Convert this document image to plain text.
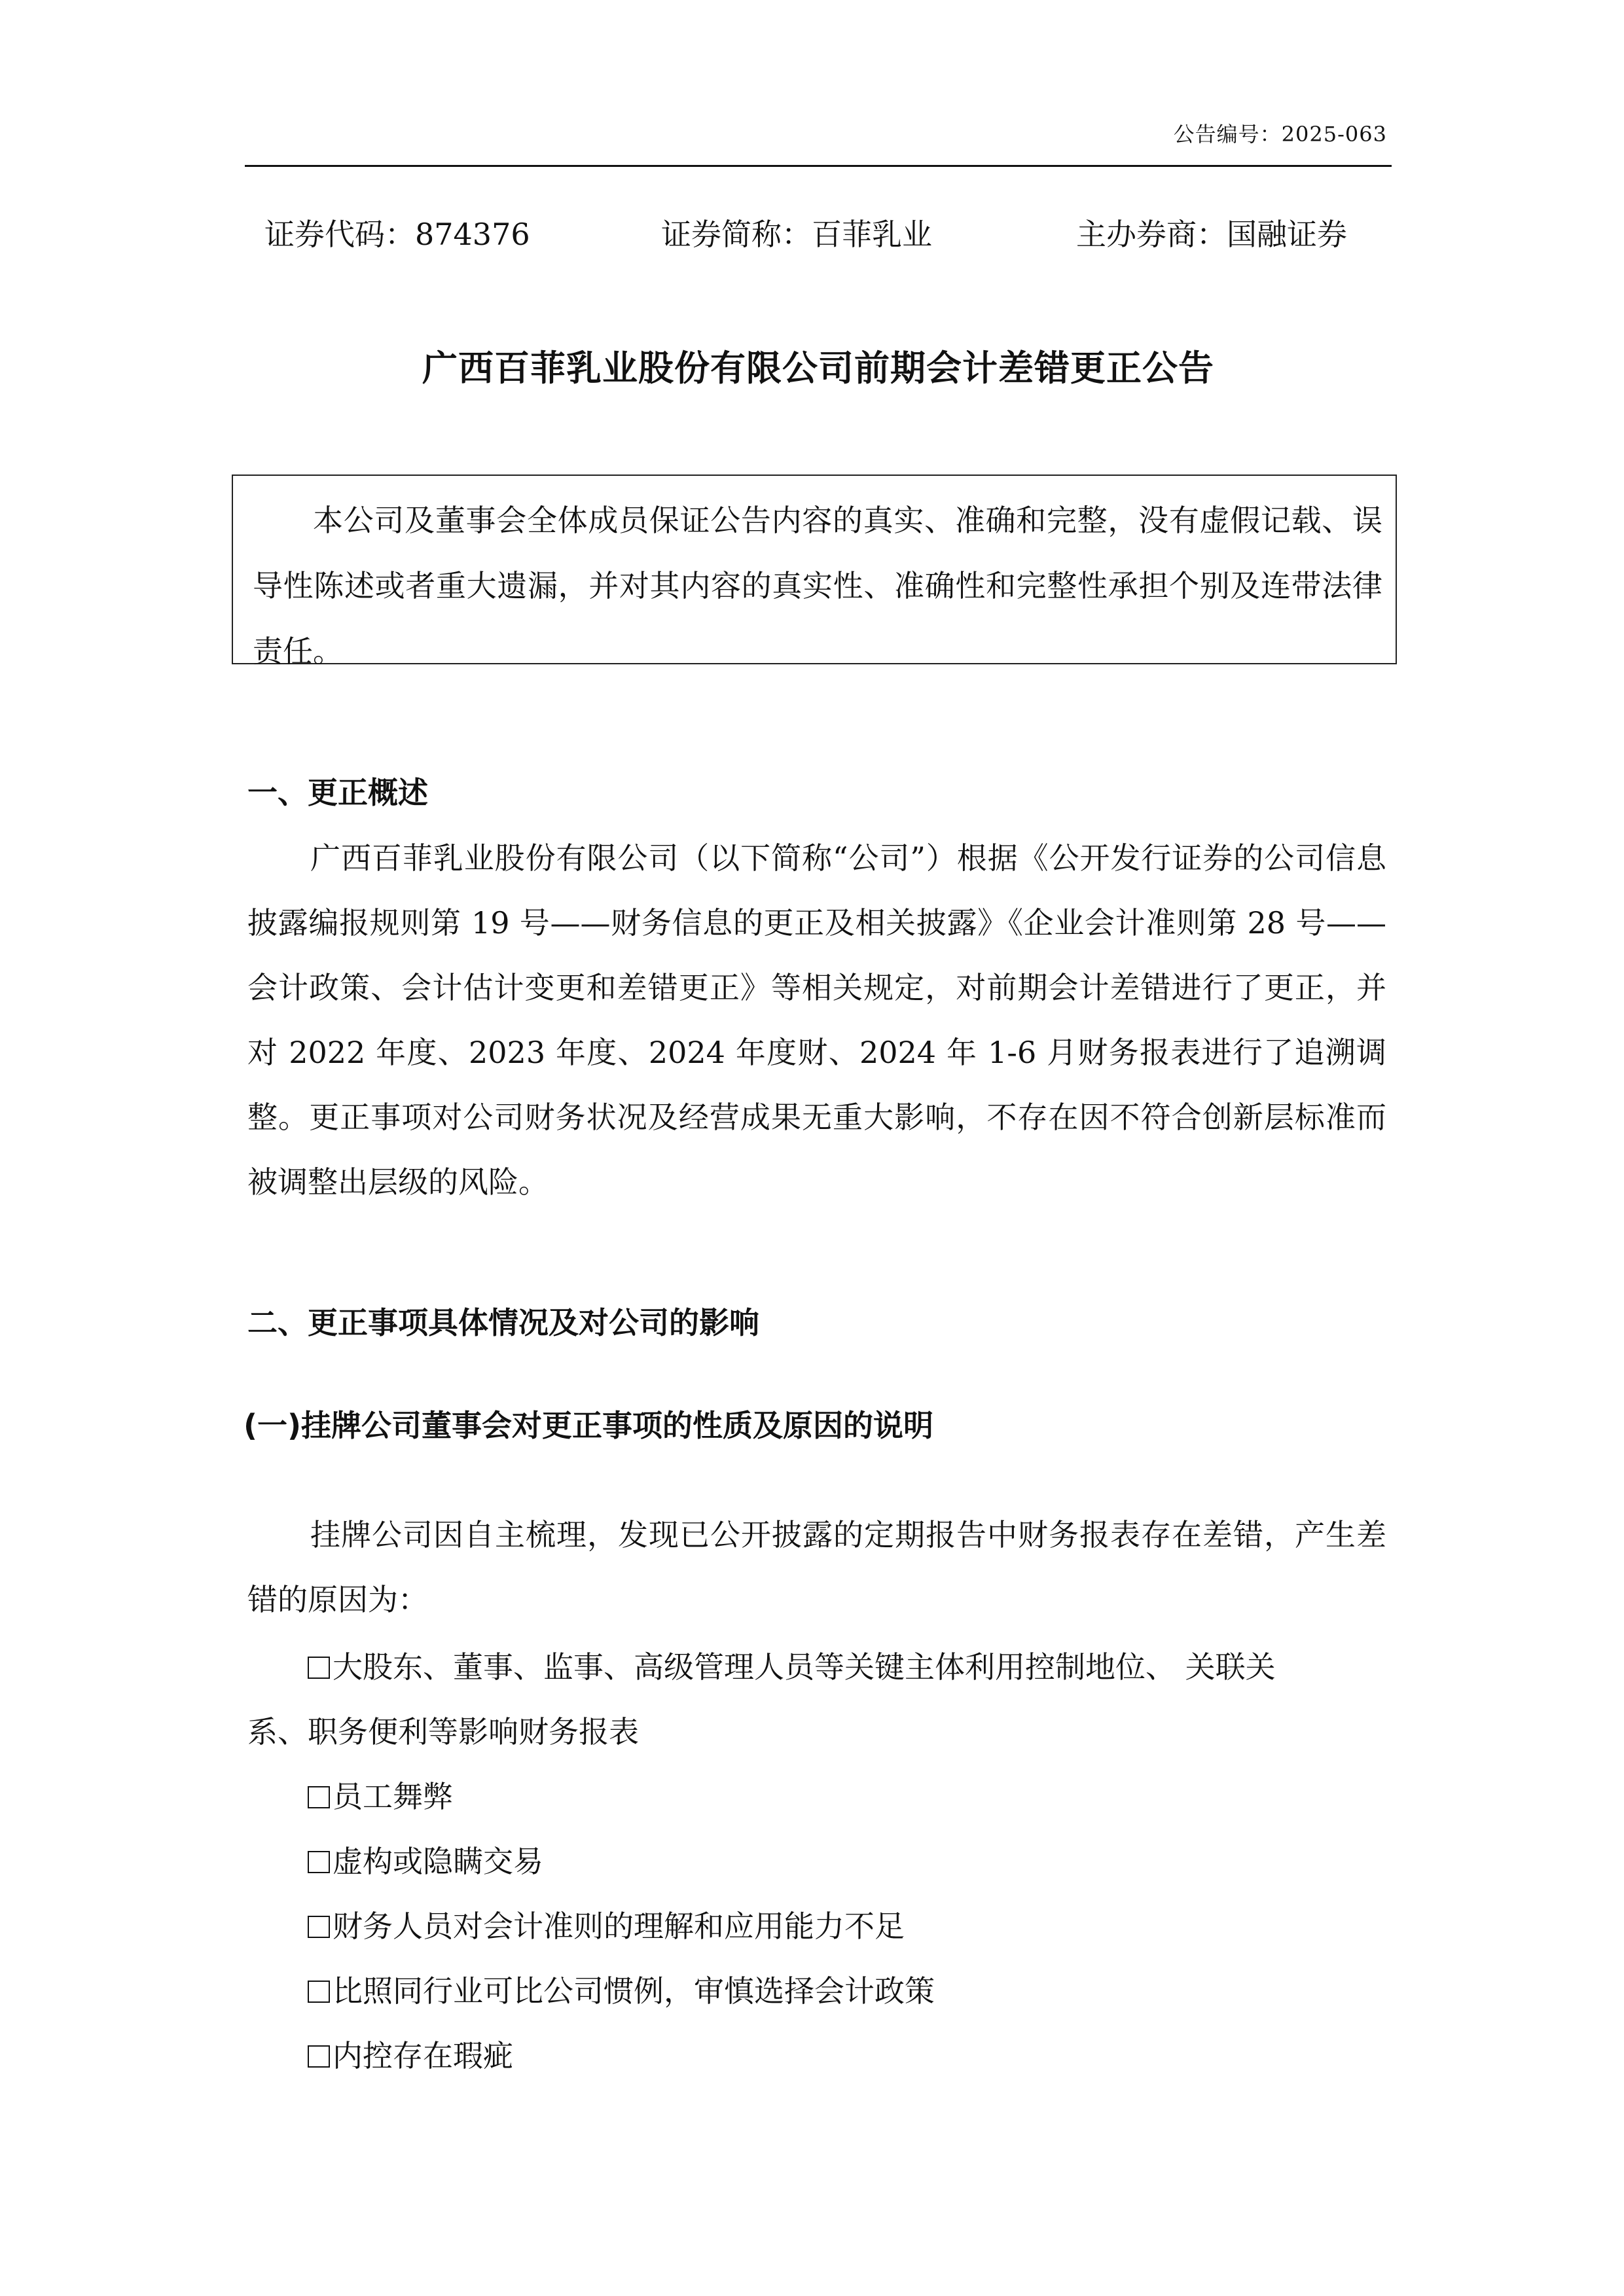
公告编号：2025-063
证券代码：874376	证券简称：百菲乳业	主办券商：国融证券
广西百菲乳业股份有限公司前期会计差错更正公告

本公司及董事会全体成员保证公告内容的真实、准确和完整，没有虚假记载、误导性陈述或者重大遗漏，并对其内容的真实性、准确性和完整性承担个别及连带法律责任。

一、更正概述

广西百菲乳业股份有限公司（以下简称“公司”）根据《公开发行证券的公司信息披露编报规则第 19 号——财务信息的更正及相关披露》《企业会计准则第 28 号——会计政策、会计估计变更和差错更正》等相关规定，对前期会计差错进行了更正，并对 2022 年度、2023 年度、2024 年度财、2024 年 1-6 月财务报表进行了追溯调整。更正事项对公司财务状况及经营成果无重大影响，不存在因不符合创新层标准而被调整出层级的风险。

二、更正事项具体情况及对公司的影响
(一)挂牌公司董事会对更正事项的性质及原因的说明

挂牌公司因自主梳理，发现已公开披露的定期报告中财务报表存在差错，产生差错的原因为：

大股东、董事、监事、高级管理人员等关键主体利用控制地位、 关联关
系、职务便利等影响财务报表
员工舞弊
虚构或隐瞒交易
财务人员对会计准则的理解和应用能力不足
比照同行业可比公司惯例，审慎选择会计政策
内控存在瑕疵
